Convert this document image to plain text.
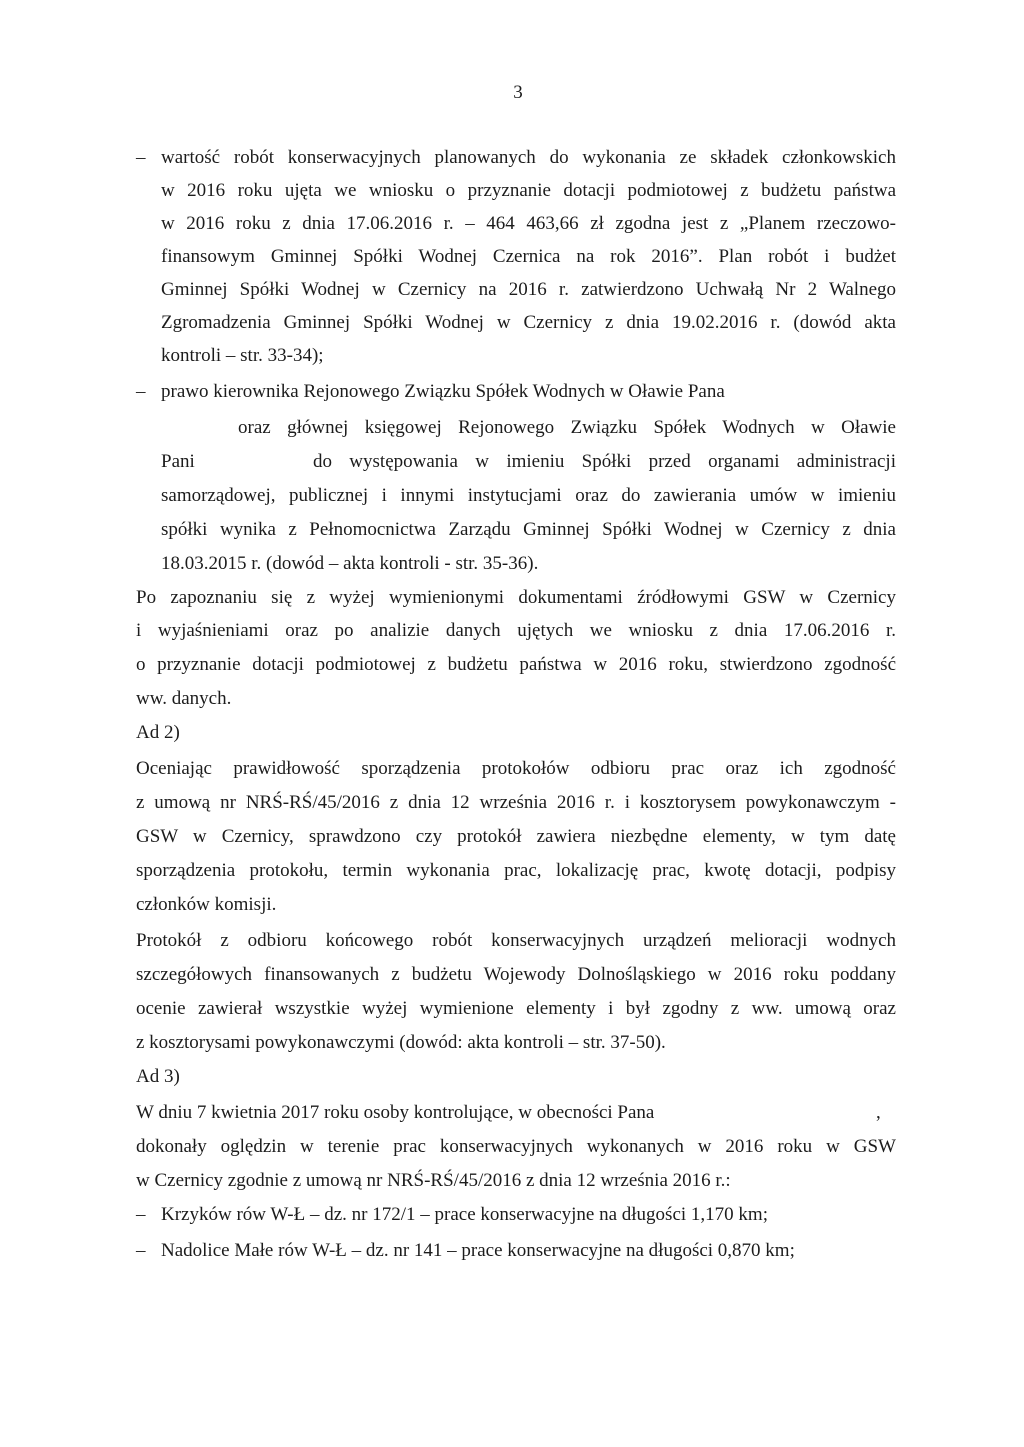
3
– wartość robót konserwacyjnych planowanych do wykonania ze składek członkowskich
w 2016 roku ujęta we wniosku o przyznanie dotacji podmiotowej z budżetu państwa
w 2016 roku z dnia 17.06.2016 r. – 464 463,66 zł zgodna jest z „Planem rzeczowo-
finansowym Gminnej Spółki Wodnej Czernica na rok 2016”. Plan robót i budżet
Gminnej Spółki Wodnej w Czernicy na 2016 r. zatwierdzono Uchwałą Nr 2 Walnego
Zgromadzenia Gminnej Spółki Wodnej w Czernicy z dnia 19.02.2016 r. (dowód akta
kontroli – str. 33-34);
– prawo kierownika Rejonowego Związku Spółek Wodnych w Oławie Pana
oraz głównej księgowej Rejonowego Związku Spółek Wodnych w Oławie
Pani	do występowania w imieniu Spółki przed organami administracji
samorządowej, publicznej i innymi instytucjami oraz do zawierania umów w imieniu
spółki wynika z Pełnomocnictwa Zarządu Gminnej Spółki Wodnej w Czernicy z dnia
18.03.2015 r. (dowód – akta kontroli - str. 35-36).
Po zapoznaniu się z wyżej wymienionymi dokumentami źródłowymi GSW w Czernicy
i wyjaśnieniami oraz po analizie danych ujętych we wniosku z dnia 17.06.2016 r.
o przyznanie dotacji podmiotowej z budżetu państwa w 2016 roku, stwierdzono zgodność
ww. danych.
Ad 2)
Oceniając prawidłowość sporządzenia protokołów odbioru prac oraz ich zgodność
z umową nr NRŚ-RŚ/45/2016 z dnia 12 września 2016 r. i kosztorysem powykonawczym -
GSW w Czernicy, sprawdzono czy protokół zawiera niezbędne elementy, w tym datę
sporządzenia protokołu, termin wykonania prac, lokalizację prac, kwotę dotacji, podpisy
członków komisji.
Protokół z odbioru końcowego robót konserwacyjnych urządzeń melioracji wodnych
szczegółowych finansowanych z budżetu Wojewody Dolnośląskiego w 2016 roku poddany
ocenie zawierał wszystkie wyżej wymienione elementy i był zgodny z ww. umową oraz
z kosztorysami powykonawczymi (dowód: akta kontroli – str. 37-50).
Ad 3)
W dniu 7 kwietnia 2017 roku osoby kontrolujące, w obecności Pana	,
dokonały oględzin w terenie prac konserwacyjnych wykonanych w 2016 roku w GSW
w Czernicy zgodnie z umową nr NRŚ-RŚ/45/2016 z dnia 12 września 2016 r.:
– Krzyków rów W-Ł – dz. nr 172/1 – prace konserwacyjne na długości 1,170 km;
– Nadolice Małe rów W-Ł – dz. nr 141 – prace konserwacyjne na długości 0,870 km;
